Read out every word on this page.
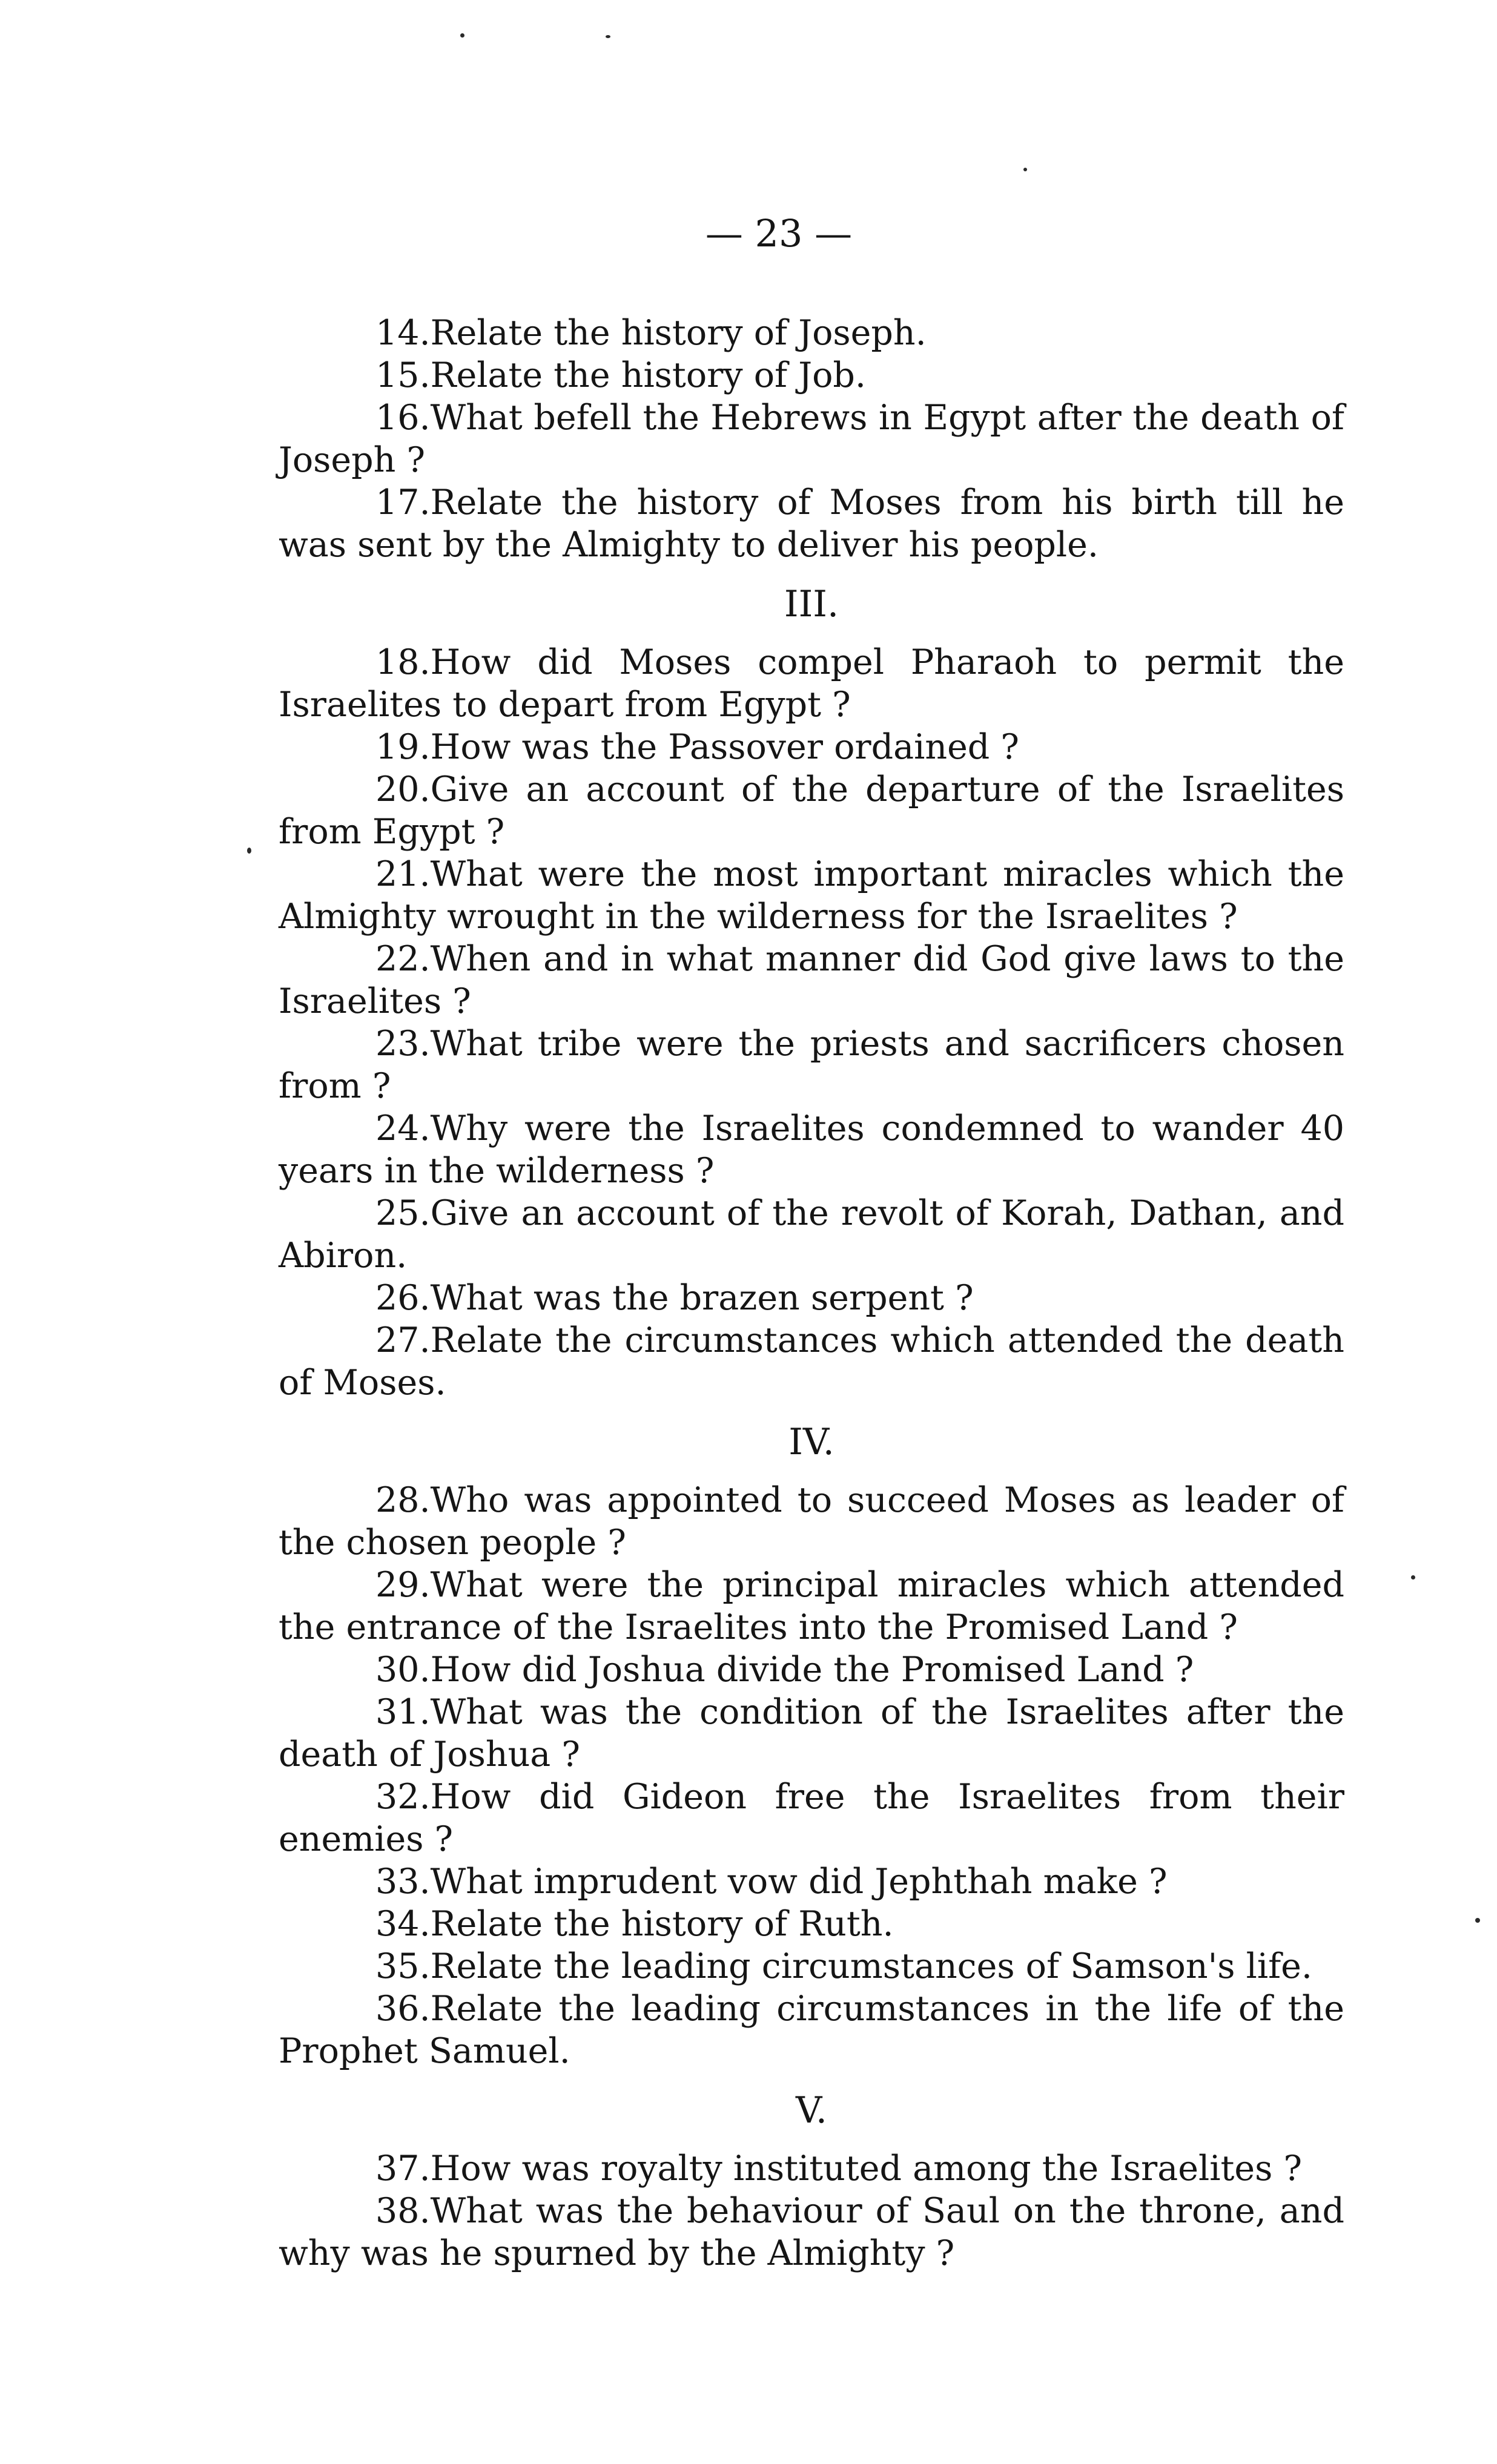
— 23 —

14.Relate the history of Joseph.

15.Relate the history of Job.

16.What befell the Hebrews in Egypt after the death of Joseph ?

17.Relate the history of Moses from his birth till he was sent by the Almighty to deliver his people.

III.

18.How did Moses compel Pharaoh to permit the Israelites to depart from Egypt ?

19.How was the Passover ordained ?

20.Give an account of the departure of the Israelites from Egypt ?

21.What were the most important miracles which the Almighty wrought in the wilderness for the Israelites ?

22.When and in what manner did God give laws to the Israelites ?

23.What tribe were the priests and sacrificers chosen from ?

24.Why were the Israelites condemned to wander 40 years in the wilderness ?

25.Give an account of the revolt of Korah, Dathan, and Abiron.

26.What was the brazen serpent ?

27.Relate the circumstances which attended the death of Moses.

IV.

28.Who was appointed to succeed Moses as leader of the chosen people ?

29.What were the principal miracles which attended the entrance of the Israelites into the Promised Land ?

30.How did Joshua divide the Promised Land ?

31.What was the condition of the Israelites after the death of Joshua ?

32.How did Gideon free the Israelites from their enemies ?

33.What imprudent vow did Jephthah make ?

34.Relate the history of Ruth.

35.Relate the leading circumstances of Samson's life.

36.Relate the leading circumstances in the life of the Prophet Samuel.

V.

37.How was royalty instituted among the Israelites ?

38.What was the behaviour of Saul on the throne, and why was he spurned by the Almighty ?
